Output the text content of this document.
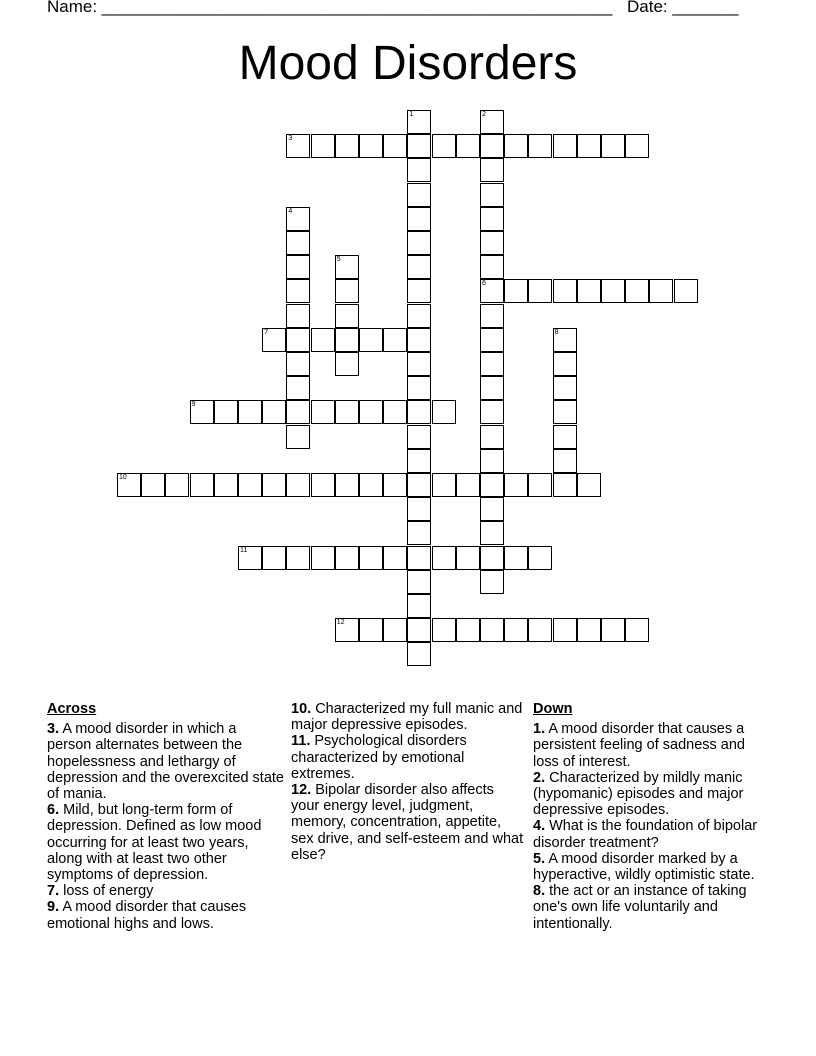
Name: ______________________________________________________ Date: _______
Mood Disorders
1	2
6
3
4
5
7	8
9
10
11
12
Across
3. A mood disorder in which a person alternates between the hopelessness and lethargy of depression and the overexcited state of mania.
6. Mild, but long-term form of depression. Defined as low mood occurring for at least two years, along with at least two other symptoms of depression.
7. loss of energy
9. A mood disorder that causes emotional highs and lows.
10. Characterized my full manic and major depressive episodes.
11. Psychological disorders characterized by emotional extremes.
12. Bipolar disorder also affects your energy level, judgment, memory, concentration, appetite, sex drive, and self-esteem and what else?
Down
1. A mood disorder that causes a persistent feeling of sadness and loss of interest.
2. Characterized by mildly manic (hypomanic) episodes and major depressive episodes.
4. What is the foundation of bipolar disorder treatment?
5. A mood disorder marked by a hyperactive, wildly optimistic state.
8. the act or an instance of taking one's own life voluntarily and intentionally.
